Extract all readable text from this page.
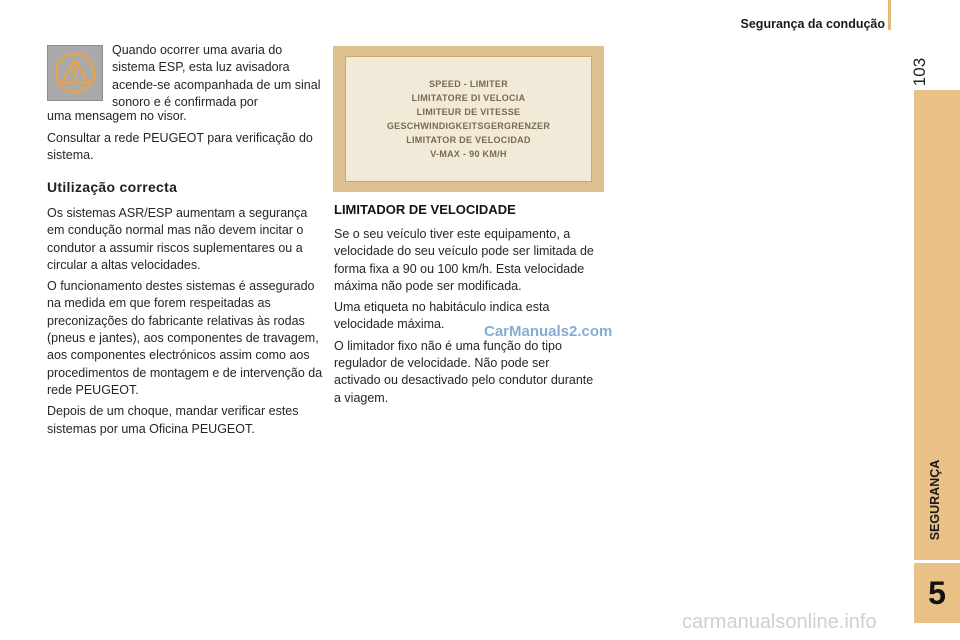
Segurança da condução
103
SEGURANÇA
5
Quando ocorrer uma avaria do sistema ESP, esta luz avisadora acende-se acompanhada de um sinal sonoro e é confirmada por
uma mensagem no visor.
Consultar a rede PEUGEOT para verificação do sistema.
Utilização correcta

Os sistemas ASR/ESP aumentam a segurança em condução normal mas não devem incitar o condutor a assumir riscos suplementares ou a circular a altas velocidades.

O funcionamento destes sistemas é assegurado na medida em que forem respeitadas as preconizações do fabricante relativas às rodas (pneus e jantes), aos componentes de travagem, aos componentes electrónicos assim como aos procedimentos de montagem e de intervenção da rede PEUGEOT.

Depois de um choque, mandar verificar estes sistemas por uma Oficina PEUGEOT.

SPEED - LIMITER
LIMITATORE DI VELOCIA
LIMITEUR DE VITESSE
GESCHWINDIGKEITSGERGRENZER
LIMITATOR DE VELOCIDAD
V-MAX - 90 KM/H
LIMITADOR DE VELOCIDADE

Se o seu veículo tiver este equipamento, a velocidade do seu veículo pode ser limitada de forma fixa a 90 ou 100 km/h. Esta velocidade máxima não pode ser modificada.

Uma etiqueta no habitáculo indica esta velocidade máxima.

O limitador fixo não é uma função do tipo regulador de velocidade. Não pode ser activado ou desactivado pelo condutor durante a viagem.

CarManuals2.com
carmanualsonline.info
